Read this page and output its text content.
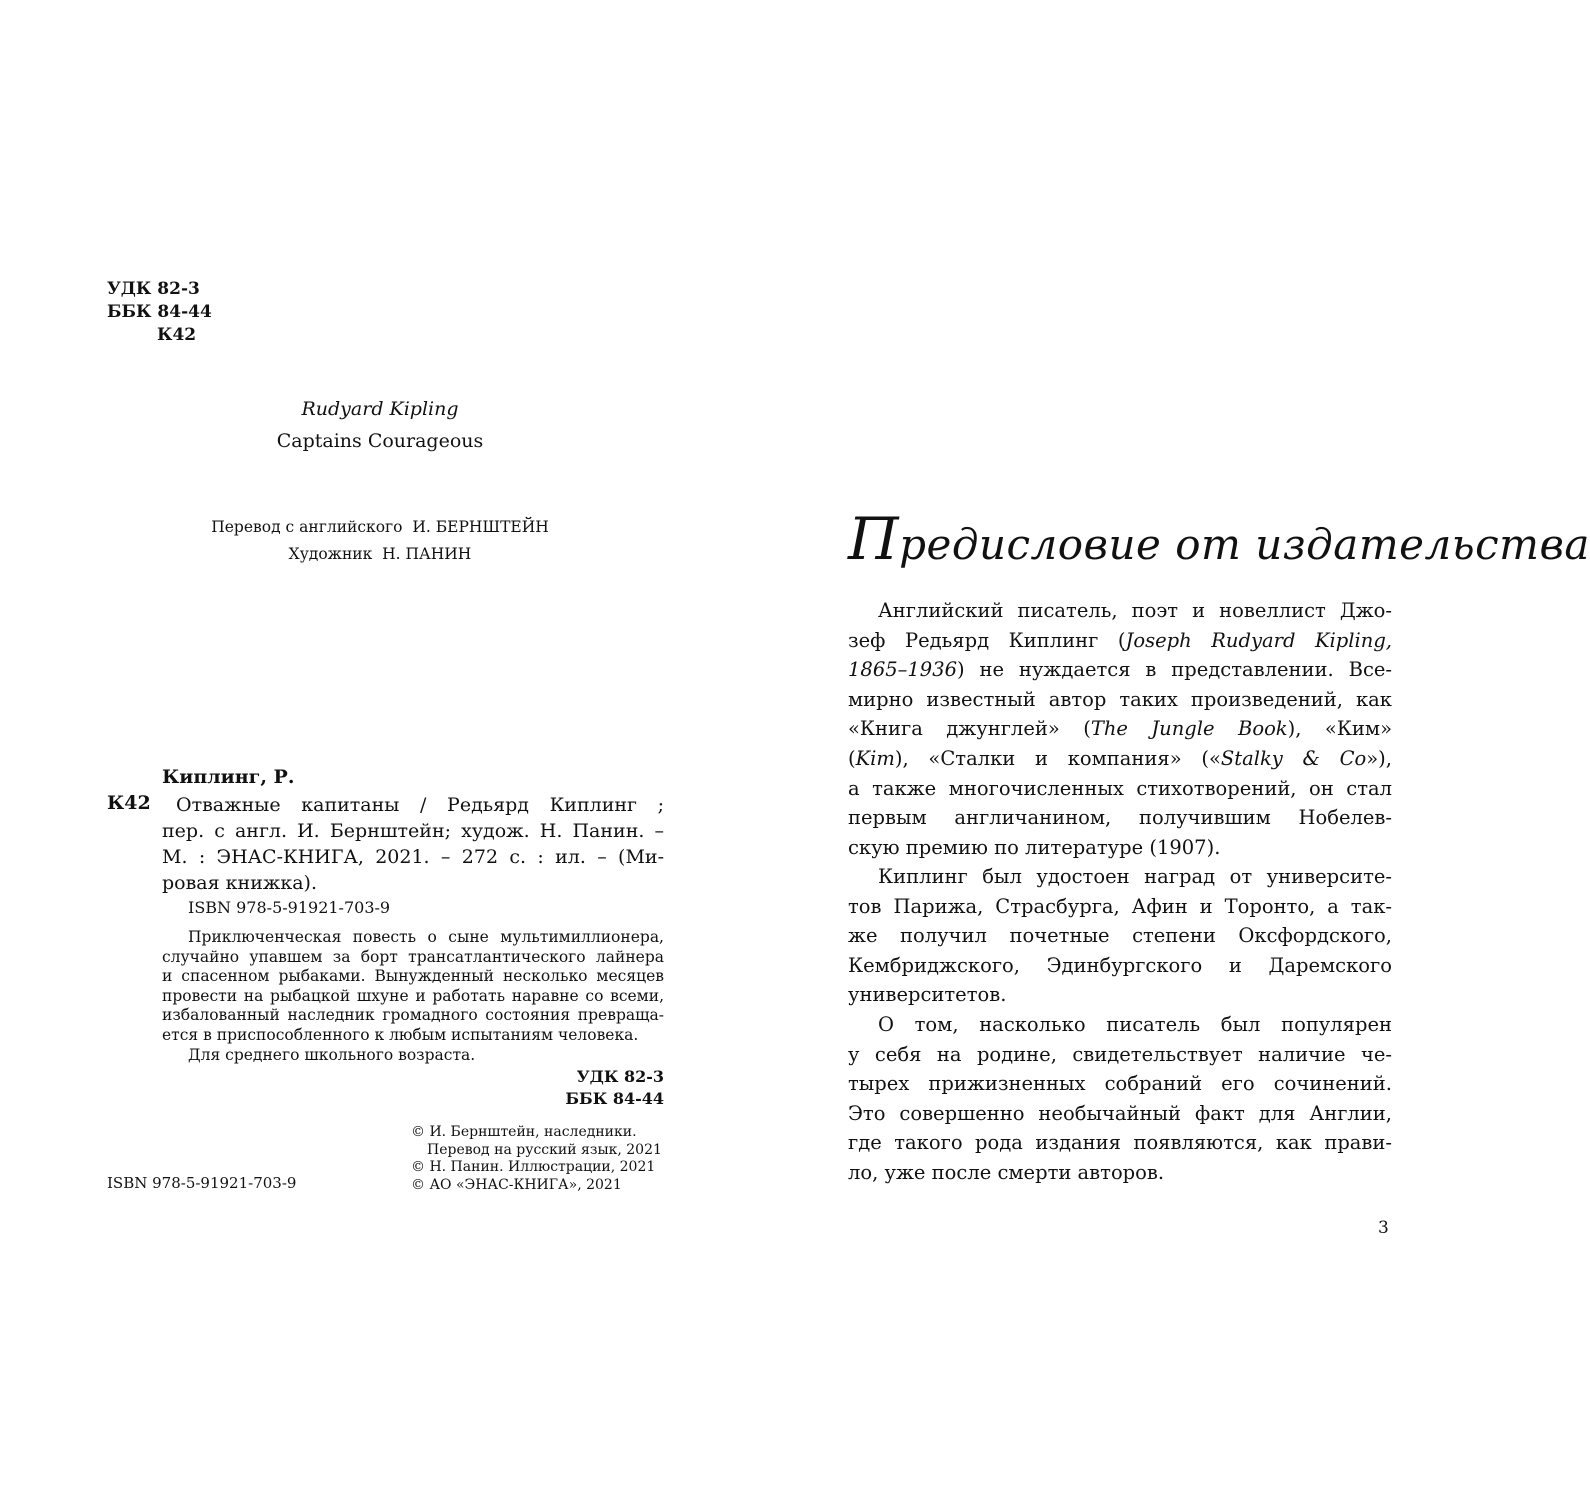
УДК 82-3
ББК 84-44
К42
Rudyard Kipling
Captains Courageous
Перевод с английского  И. БЕРНШТЕЙН
Художник  Н. ПАНИН
Киплинг, Р.
К42	Отважные капитаны / Редьярд Киплинг ;
пер. с англ. И. Бернштейн; худож. Н. Панин. –
М. : ЭНАС-КНИГА, 2021. – 272 с. : ил. – (Ми-
ровая книжка).
ISBN 978-5-91921-703-9
Приключенческая повесть о сыне мультимиллионера,
случайно упавшем за борт трансатлантического лайнера
и спасенном рыбаками. Вынужденный несколько месяцев
провести на рыбацкой шхуне и работать наравне со всеми,
избалованный наследник громадного состояния превраща-
ется в приспособленного к любым испытаниям человека.
Для среднего школьного возраста.
УДК 82-3
ББК 84-44
© И. Бернштейн, наследники.
Перевод на русский язык, 2021
© Н. Панин. Иллюстрации, 2021
© АО «ЭНАС-КНИГА», 2021
ISBN 978-5-91921-703-9
Предисловие от издательства
Английский писатель, поэт и новеллист Джо-
зеф Редьярд Киплинг (Joseph Rudyard Kipling,
1865–1936) не нуждается в представлении. Все-
мирно известный автор таких произведений, как
«Книга джунглей» (The Jungle Book), «Ким»
(Kim), «Сталки и компания» («Stalky & Co»),
а также многочисленных стихотворений, он стал
первым англичанином, получившим Нобелев-
скую премию по литературе (1907).
Киплинг был удостоен наград от университе-
тов Парижа, Страсбурга, Афин и Торонто, а так-
же получил почетные степени Оксфордского,
Кембриджского, Эдинбургского и Даремского
университетов.
О том, насколько писатель был популярен
у себя на родине, свидетельствует наличие че-
тырех прижизненных собраний его сочинений.
Это совершенно необычайный факт для Англии,
где такого рода издания появляются, как прави-
ло, уже после смерти авторов.
3
